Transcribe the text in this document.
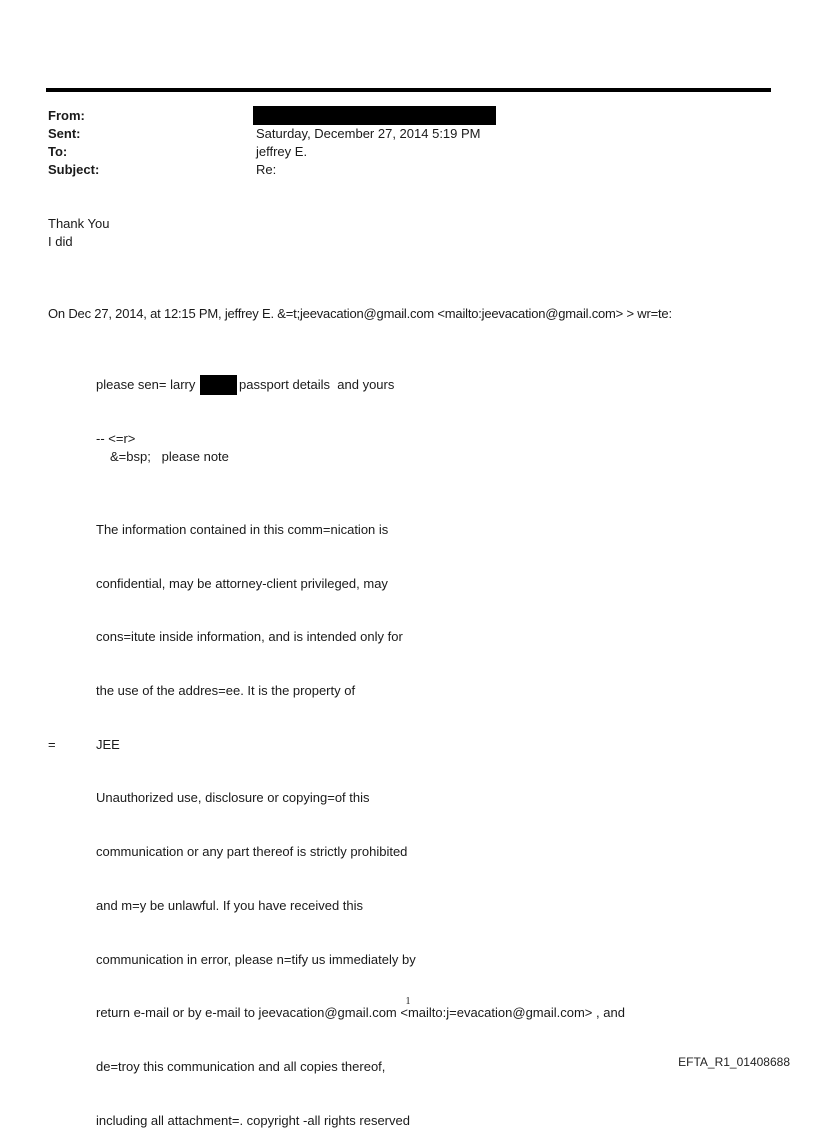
From:
Sent:	Saturday, December 27, 2014 5:19 PM
To:	jeffrey E.
Subject:	Re:
Thank You
I did
On Dec 27, 2014, at 12:15 PM, jeffrey E. &=t;jeevacation@gmail.com <mailto:jeevacation@gmail.com> > wr=te:
please sen= larry	passport details  and yours
-- <=r>
&=bsp;   please note

The information contained in this comm=nication is

confidential, may be attorney-client privileged, may

cons=itute inside information, and is intended only for

the use of the addres=ee. It is the property of

JEE

Unauthorized use, disclosure or copying=of this

communication or any part thereof is strictly prohibited

and m=y be unlawful. If you have received this

communication in error, please n=tify us immediately by

return e-mail or by e-mail to jeevacation@gmail.com <mailto:j=evacation@gmail.com> , and

de=troy this communication and all copies thereof,

including all attachment=. copyright -all rights reserved

=
1
EFTA_R1_01408688
